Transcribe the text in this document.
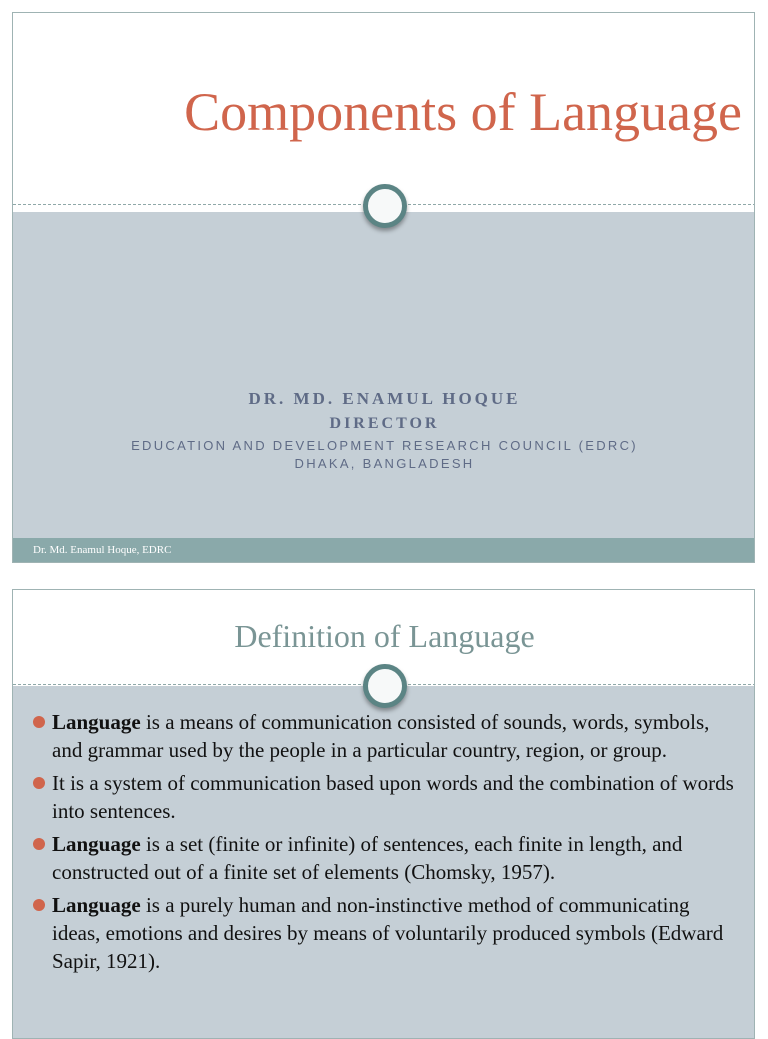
Components of Language
DR. MD. ENAMUL HOQUE
DIRECTOR
EDUCATION AND DEVELOPMENT RESEARCH COUNCIL (EDRC)
DHAKA, BANGLADESH
Dr. Md. Enamul Hoque, EDRC
Definition of Language
Language is a means of communication consisted of sounds, words, symbols, and grammar used by the people in a particular country, region, or group.
It is a system of communication based upon words and the combination of words into sentences.
Language is a set (finite or infinite) of sentences, each finite in length, and constructed out of a finite set of elements (Chomsky, 1957).
Language is a purely human and non-instinctive method of communicating ideas, emotions and desires by means of voluntarily produced symbols (Edward Sapir, 1921).
